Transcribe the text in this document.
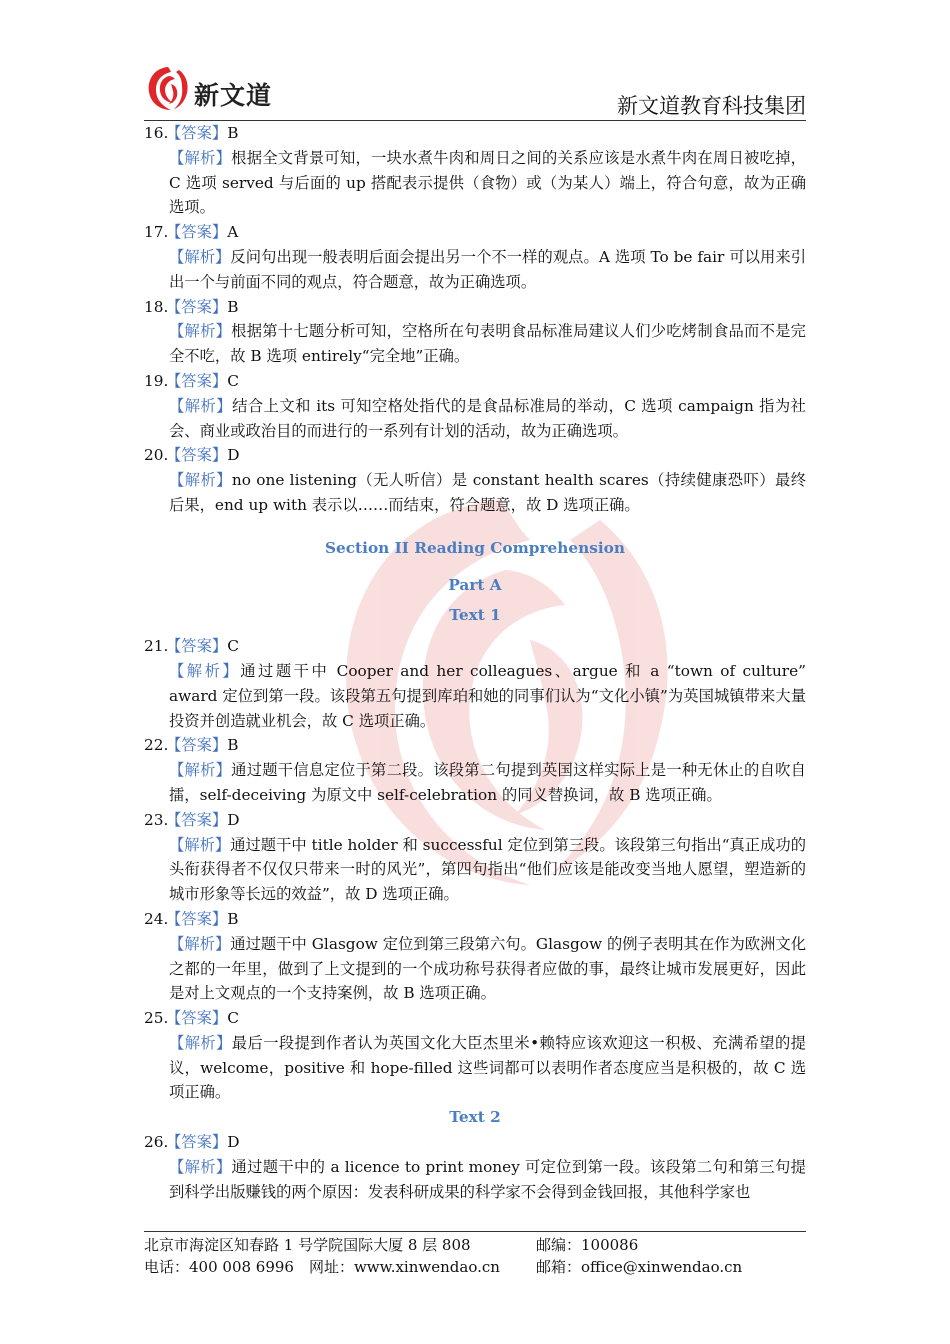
新文道	新文道教育科技集团

16.【答案】B

【解析】根据全文背景可知，一块水煮牛肉和周日之间的关系应该是水煮牛肉在周日被吃掉，C 选项 served 与后面的 up 搭配表示提供（食物）或（为某人）端上，符合句意，故为正确选项。

17.【答案】A

【解析】反问句出现一般表明后面会提出另一个不一样的观点。A 选项 To be fair 可以用来引出一个与前面不同的观点，符合题意，故为正确选项。

18.【答案】B

【解析】根据第十七题分析可知，空格所在句表明食品标准局建议人们少吃烤制食品而不是完全不吃，故 B 选项 entirely“完全地”正确。

19.【答案】C

【解析】结合上文和 its 可知空格处指代的是食品标准局的举动，C 选项 campaign 指为社会、商业或政治目的而进行的一系列有计划的活动，故为正确选项。

20.【答案】D

【解析】no one listening（无人听信）是 constant health scares（持续健康恐吓）最终后果，end up with 表示以……而结束，符合题意，故 D 选项正确。

Section II Reading Comprehension

Part A

Text 1

21.【答案】C

【解析】通过题干中 Cooper and her colleagues、argue 和 a “town of culture” award 定位到第一段。该段第五句提到库珀和她的同事们认为“文化小镇”为英国城镇带来大量投资并创造就业机会，故 C 选项正确。

22.【答案】B

【解析】通过题干信息定位于第二段。该段第二句提到英国这样实际上是一种无休止的自吹自擂，self-deceiving 为原文中 self-celebration 的同义替换词，故 B 选项正确。

23.【答案】D

【解析】通过题干中 title holder 和 successful 定位到第三段。该段第三句指出“真正成功的头衔获得者不仅仅只带来一时的风光”，第四句指出“他们应该是能改变当地人愿望，塑造新的城市形象等长远的效益”，故 D 选项正确。

24.【答案】B

【解析】通过题干中 Glasgow 定位到第三段第六句。Glasgow 的例子表明其在作为欧洲文化之都的一年里，做到了上文提到的一个成功称号获得者应做的事，最终让城市发展更好，因此是对上文观点的一个支持案例，故 B 选项正确。

25.【答案】C

【解析】最后一段提到作者认为英国文化大臣杰里米•赖特应该欢迎这一积极、充满希望的提议，welcome，positive 和 hope-filled 这些词都可以表明作者态度应当是积极的，故 C 选项正确。

Text 2

26.【答案】D

【解析】通过题干中的 a licence to print money 可定位到第一段。该段第二句和第三句提到科学出版赚钱的两个原因：发表科研成果的科学家不会得到金钱回报，其他科学家也

北京市海淀区知春路 1 号学院国际大厦 8 层 808	邮编：100086
电话：400 008 6996　网址：www.xinwendao.cn 邮箱：office@xinwendao.cn
